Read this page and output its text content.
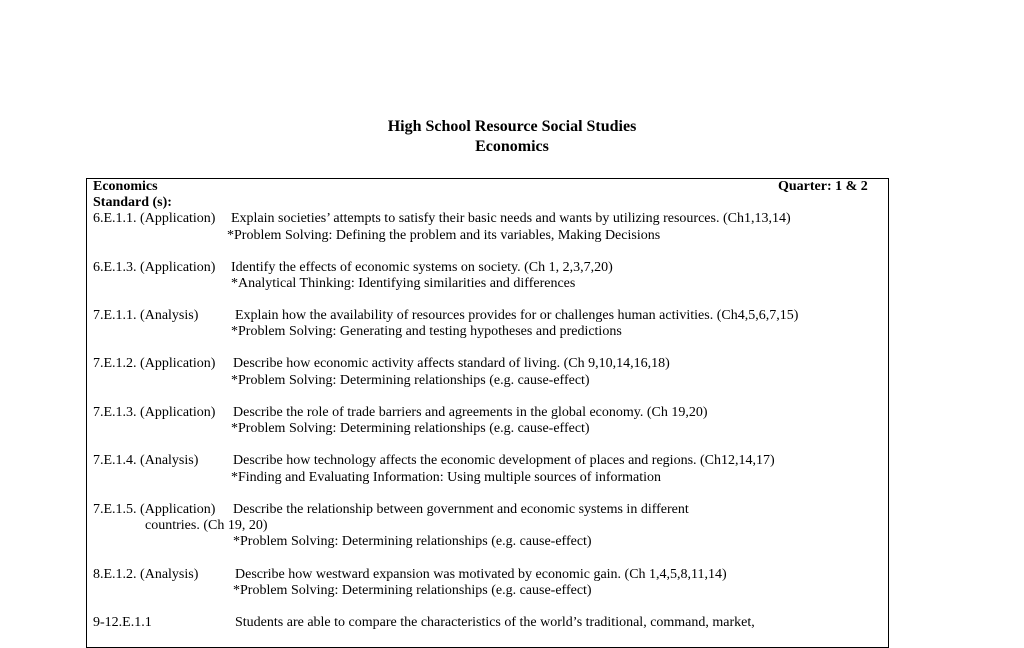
High School Resource Social Studies
Economics
Economics	Quarter: 1 & 2
Standard (s):
6.E.1.1. (Application) Explain societies’ attempts to satisfy their basic needs and wants by utilizing resources. (Ch1,13,14)
*Problem Solving: Defining the problem and its variables, Making Decisions
6.E.1.3. (Application) Identify the effects of economic systems on society. (Ch 1, 2,3,7,20)
*Analytical Thinking: Identifying similarities and differences
7.E.1.1. (Analysis)	Explain how the availability of resources provides for or challenges human activities. (Ch4,5,6,7,15)
*Problem Solving: Generating and testing hypotheses and predictions
7.E.1.2. (Application) Describe how economic activity affects standard of living. (Ch 9,10,14,16,18)
*Problem Solving: Determining relationships (e.g. cause-effect)
7.E.1.3. (Application) Describe the role of trade barriers and agreements in the global economy. (Ch 19,20)
*Problem Solving: Determining relationships (e.g. cause-effect)
7.E.1.4. (Analysis) Describe how technology affects the economic development of places and regions. (Ch12,14,17)
*Finding and Evaluating Information: Using multiple sources of information
7.E.1.5. (Application) Describe the relationship between government and economic systems in different
countries. (Ch 19, 20)
*Problem Solving: Determining relationships (e.g. cause-effect)
8.E.1.2. (Analysis)	Describe how westward expansion was motivated by economic gain. (Ch 1,4,5,8,11,14)
*Problem Solving: Determining relationships (e.g. cause-effect)
9-12.E.1.1	Students are able to compare the characteristics of the world’s traditional, command, market,
